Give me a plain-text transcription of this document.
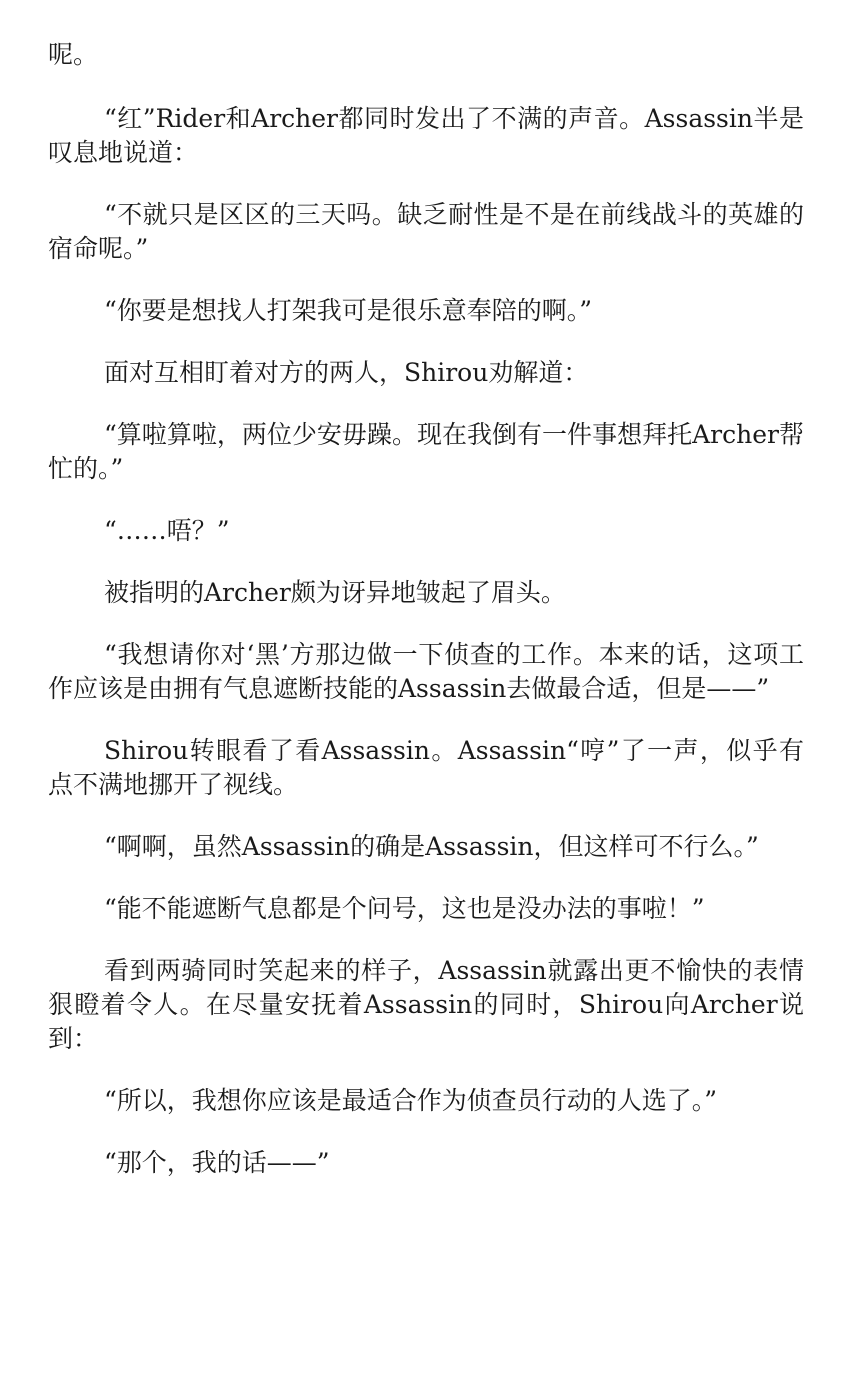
呢。

“红”Rider和Archer都同时发出了不满的声音。Assassin半是叹息地说道：

“不就只是区区的三天吗。缺乏耐性是不是在前线战斗的英雄的宿命呢。”

“你要是想找人打架我可是很乐意奉陪的啊。”

面对互相盯着对方的两人，Shirou劝解道：

“算啦算啦，两位少安毋躁。现在我倒有一件事想拜托Archer帮忙的。”

“……唔？”

被指明的Archer颇为讶异地皱起了眉头。

“我想请你对‘黑’方那边做一下侦查的工作。本来的话，这项工作应该是由拥有气息遮断技能的Assassin去做最合适，但是——”

Shirou转眼看了看Assassin。Assassin“哼”了一声，似乎有点不满地挪开了视线。

“啊啊，虽然Assassin的确是Assassin，但这样可不行么。”

“能不能遮断气息都是个问号，这也是没办法的事啦！”

看到两骑同时笑起来的样子，Assassin就露出更不愉快的表情狠瞪着令人。在尽量安抚着Assassin的同时，Shirou向Archer说到：

“所以，我想你应该是最适合作为侦查员行动的人选了。”

“那个，我的话——”
